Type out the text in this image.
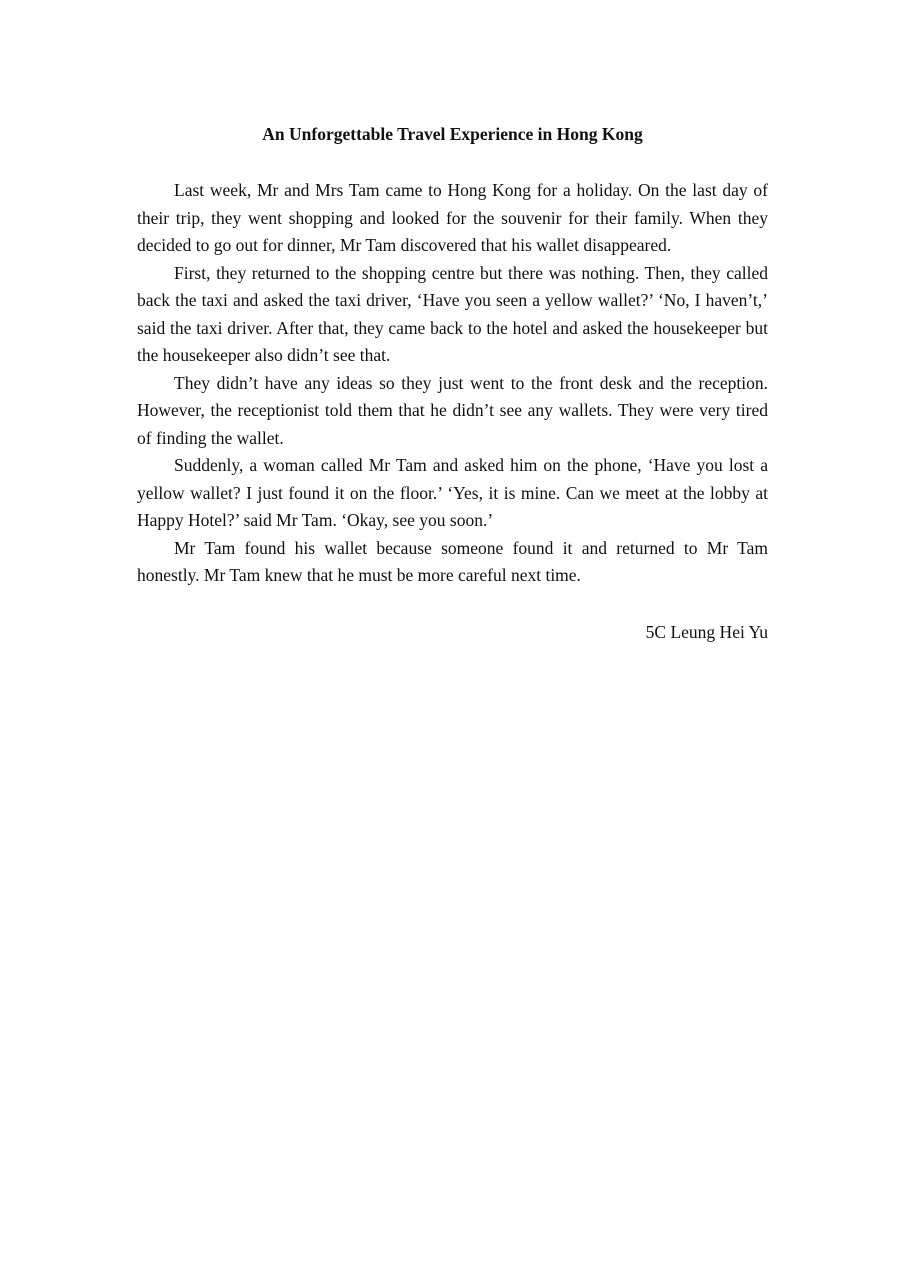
An Unforgettable Travel Experience in Hong Kong

Last week, Mr and Mrs Tam came to Hong Kong for a holiday. On the last day of their trip, they went shopping and looked for the souvenir for their family. When they decided to go out for dinner, Mr Tam discovered that his wallet disappeared.

First, they returned to the shopping centre but there was nothing. Then, they called back the taxi and asked the taxi driver, ‘Have you seen a yellow wallet?’ ‘No, I haven’t,’ said the taxi driver. After that, they came back to the hotel and asked the housekeeper but the housekeeper also didn’t see that.

They didn’t have any ideas so they just went to the front desk and the reception. However, the receptionist told them that he didn’t see any wallets. They were very tired of finding the wallet.

Suddenly, a woman called Mr Tam and asked him on the phone, ‘Have you lost a yellow wallet? I just found it on the floor.’ ‘Yes, it is mine. Can we meet at the lobby at Happy Hotel?’ said Mr Tam. ‘Okay, see you soon.’

Mr Tam found his wallet because someone found it and returned to Mr Tam honestly. Mr Tam knew that he must be more careful next time.

5C Leung Hei Yu
